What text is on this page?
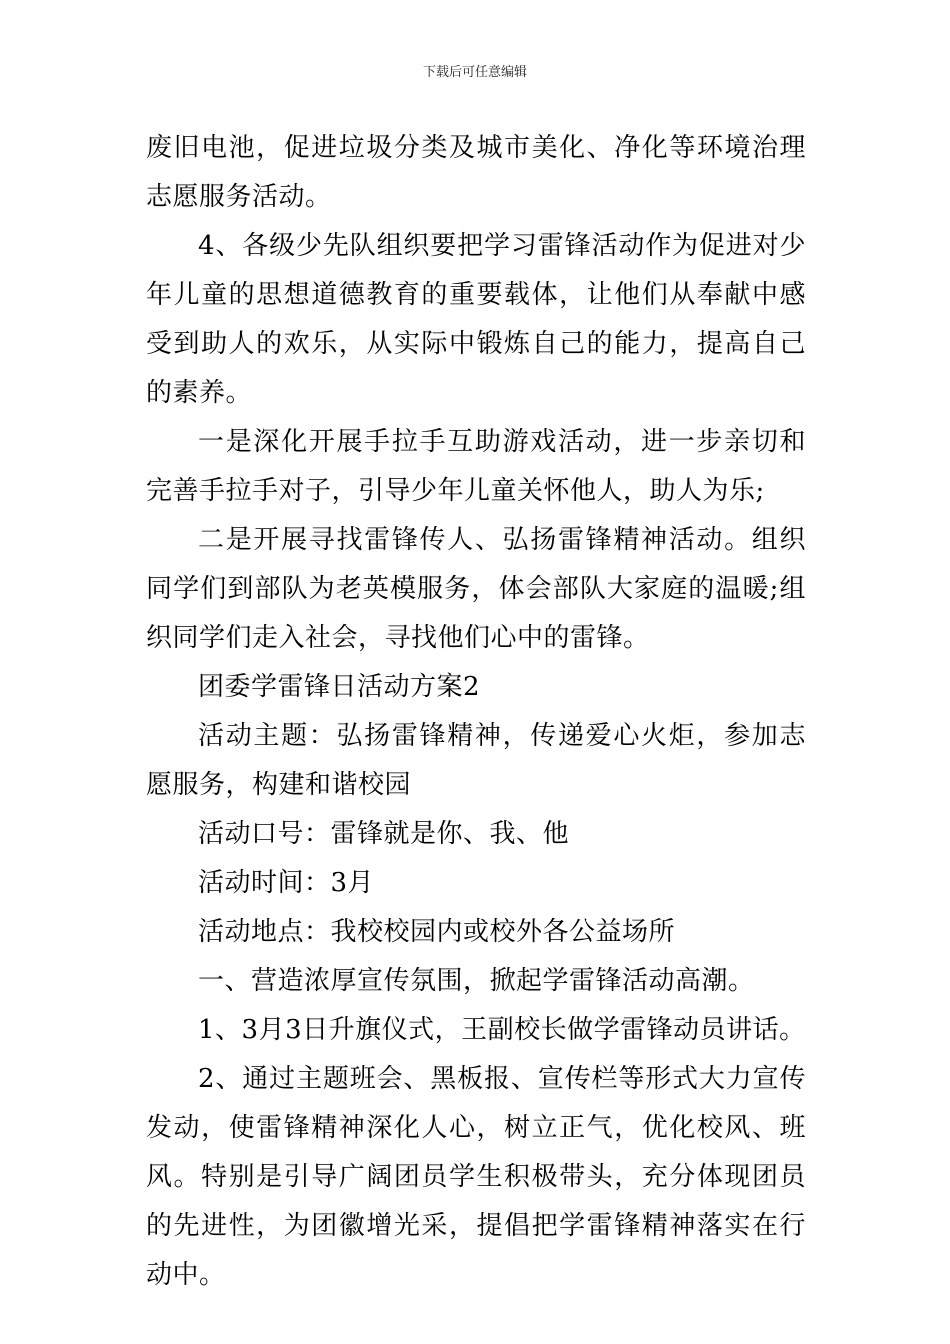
下载后可任意编辑

废旧电池，促进垃圾分类及城市美化、净化等环境治理志愿服务活动。

4、各级少先队组织要把学习雷锋活动作为促进对少年儿童的思想道德教育的重要载体，让他们从奉献中感受到助人的欢乐，从实际中锻炼自己的能力，提高自己的素养。

一是深化开展手拉手互助游戏活动，进一步亲切和完善手拉手对子，引导少年儿童关怀他人，助人为乐;

二是开展寻找雷锋传人、弘扬雷锋精神活动。组织同学们到部队为老英模服务，体会部队大家庭的温暖;组织同学们走入社会，寻找他们心中的雷锋。

团委学雷锋日活动方案2

活动主题：弘扬雷锋精神，传递爱心火炬，参加志愿服务，构建和谐校园

活动口号：雷锋就是你、我、他

活动时间：3月

活动地点：我校校园内或校外各公益场所

一、营造浓厚宣传氛围，掀起学雷锋活动高潮。

1、3月3日升旗仪式，王副校长做学雷锋动员讲话。

2、通过主题班会、黑板报、宣传栏等形式大力宣传发动，使雷锋精神深化人心，树立正气，优化校风、班风。特别是引导广阔团员学生积极带头，充分体现团员的先进性，为团徽增光采，提倡把学雷锋精神落实在行动中。
